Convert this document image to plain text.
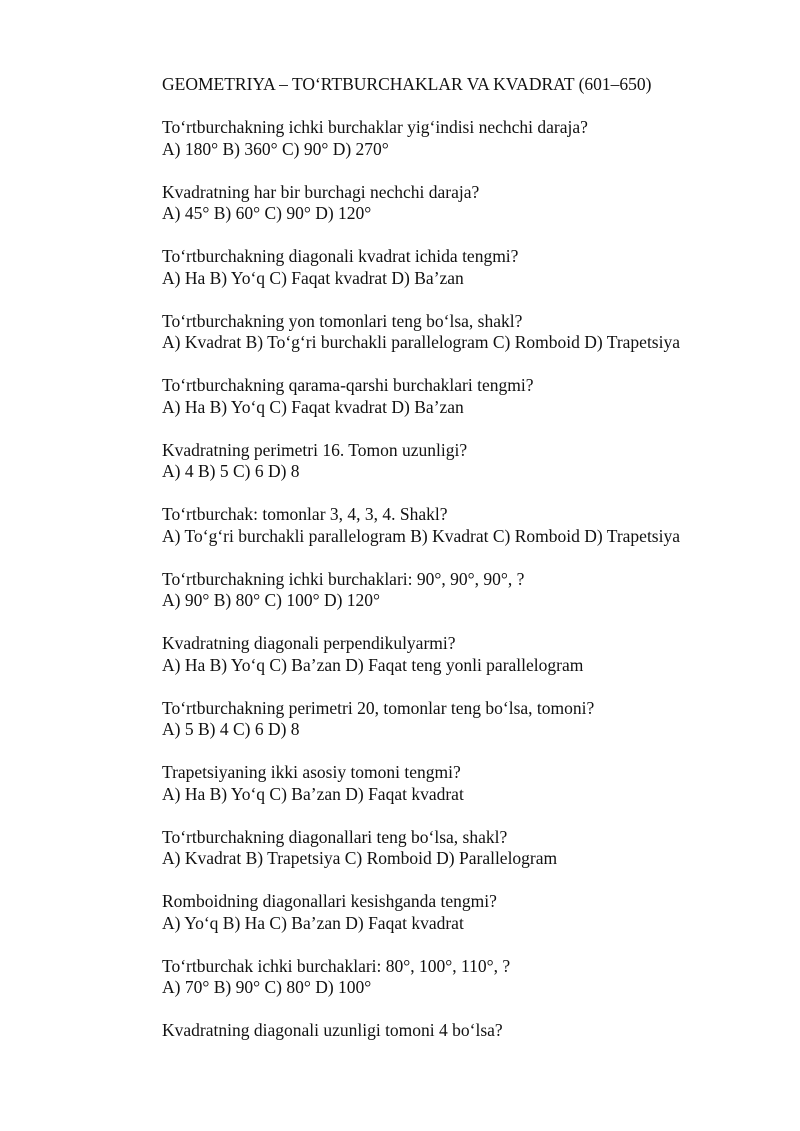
GEOMETRIYA – TOʻRTBURCHAKLAR VA KVADRAT (601–650)
Toʻrtburchakning ichki burchaklar yigʻindisi nechchi daraja?
A) 180° B) 360° C) 90° D) 270°
Kvadratning har bir burchagi nechchi daraja?
A) 45° B) 60° C) 90° D) 120°
Toʻrtburchakning diagonali kvadrat ichida tengmi?
A) Ha B) Yoʻq C) Faqat kvadrat D) Ba’zan
Toʻrtburchakning yon tomonlari teng boʻlsa, shakl?
A) Kvadrat B) Toʻgʻri burchakli parallelogram C) Romboid D) Trapetsiya
Toʻrtburchakning qarama-qarshi burchaklari tengmi?
A) Ha B) Yoʻq C) Faqat kvadrat D) Ba’zan
Kvadratning perimetri 16. Tomon uzunligi?
A) 4 B) 5 C) 6 D) 8
Toʻrtburchak: tomonlar 3, 4, 3, 4. Shakl?
A) Toʻgʻri burchakli parallelogram B) Kvadrat C) Romboid D) Trapetsiya
Toʻrtburchakning ichki burchaklari: 90°, 90°, 90°, ?
A) 90° B) 80° C) 100° D) 120°
Kvadratning diagonali perpendikulyarmi?
A) Ha B) Yoʻq C) Ba’zan D) Faqat teng yonli parallelogram
Toʻrtburchakning perimetri 20, tomonlar teng boʻlsa, tomoni?
A) 5 B) 4 C) 6 D) 8
Trapetsiyaning ikki asosiy tomoni tengmi?
A) Ha B) Yoʻq C) Ba’zan D) Faqat kvadrat
Toʻrtburchakning diagonallari teng boʻlsa, shakl?
A) Kvadrat B) Trapetsiya C) Romboid D) Parallelogram
Romboidning diagonallari kesishganda tengmi?
A) Yoʻq B) Ha C) Ba’zan D) Faqat kvadrat
Toʻrtburchak ichki burchaklari: 80°, 100°, 110°, ?
A) 70° B) 90° C) 80° D) 100°
Kvadratning diagonali uzunligi tomoni 4 boʻlsa?
